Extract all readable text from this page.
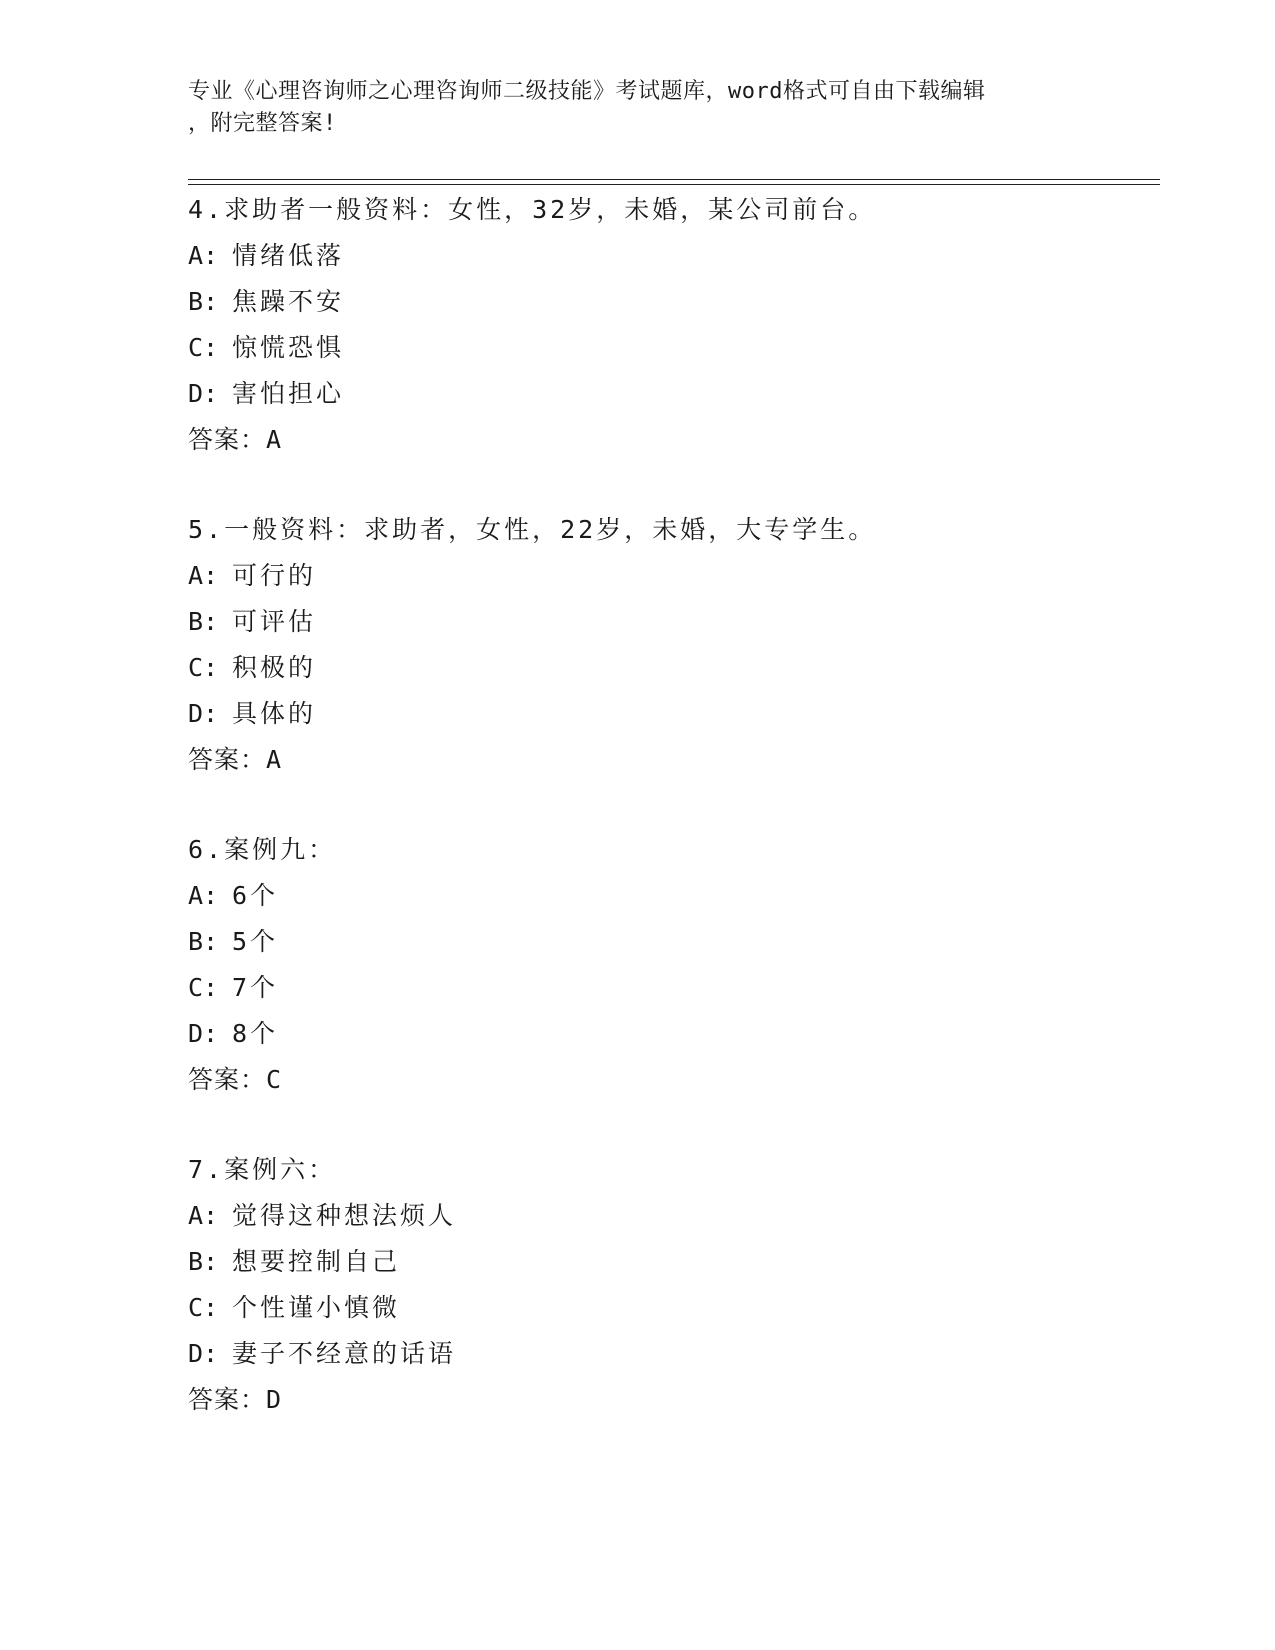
专业《心理咨询师之心理咨询师二级技能》考试题库，word格式可自由下载编辑
，附完整答案!
4.求助者一般资料：女性，32岁，未婚，某公司前台。
A: 情绪低落
B: 焦躁不安
C: 惊慌恐惧
D: 害怕担心
答案：A
5.一般资料：求助者，女性，22岁，未婚，大专学生。
A: 可行的
B: 可评估
C: 积极的
D: 具体的
答案：A
6.案例九：
A: 6个
B: 5个
C: 7个
D: 8个
答案：C
7.案例六：
A: 觉得这种想法烦人
B: 想要控制自己
C: 个性谨小慎微
D: 妻子不经意的话语
答案：D
